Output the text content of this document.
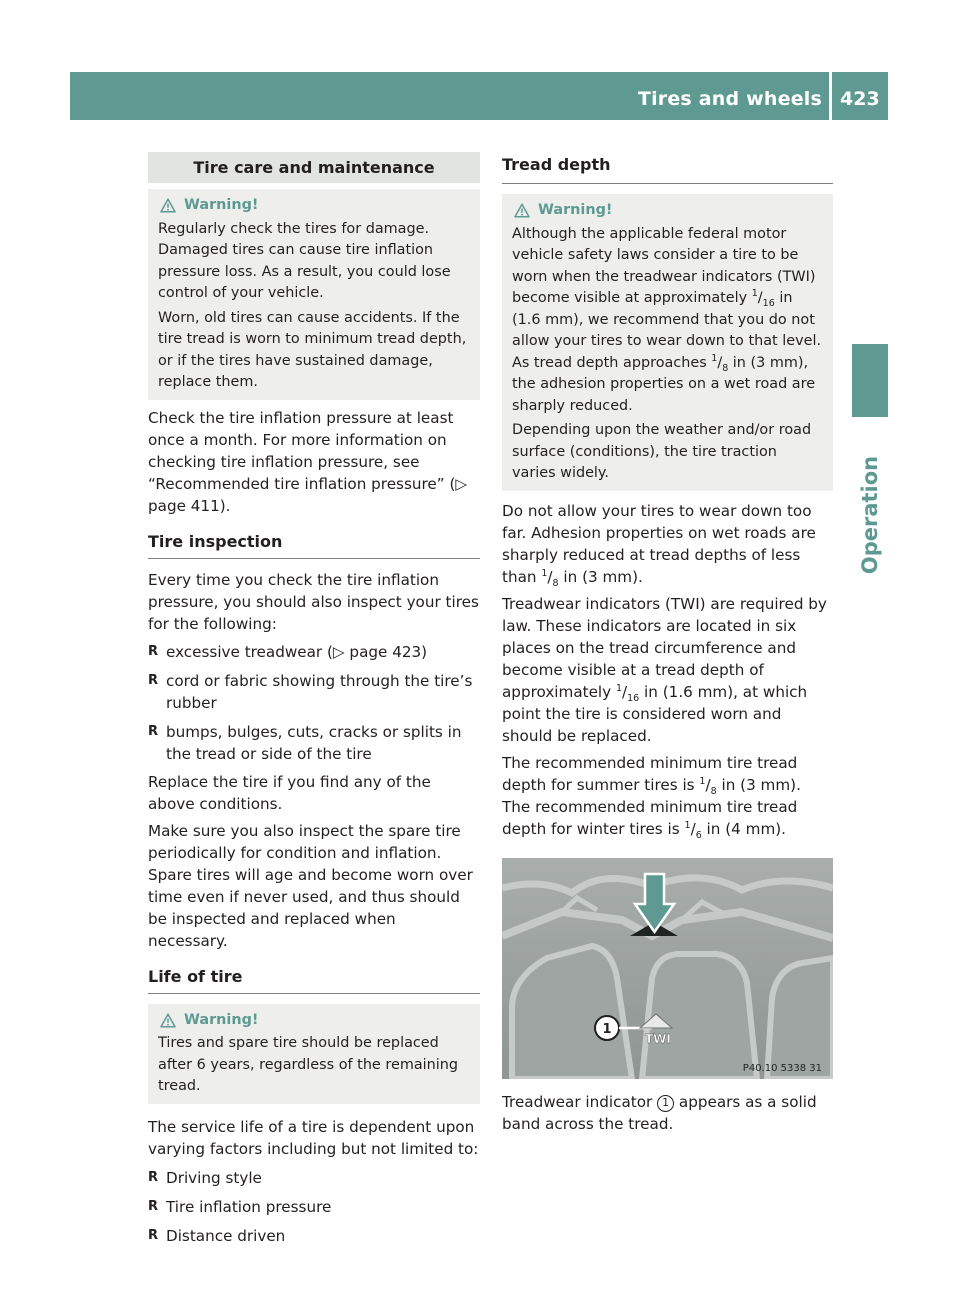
Tires and wheels 423
Operation
Tire care and maintenance
Warning!

Regularly check the tires for damage. Damaged tires can cause tire inflation pressure loss. As a result, you could lose control of your vehicle.

Worn, old tires can cause accidents. If the tire tread is worn to minimum tread depth, or if the tires have sustained damage, replace them.

Check the tire inflation pressure at least once a month. For more information on checking tire inflation pressure, see “Recommended tire inflation pressure” (▷ page 411).

Tire inspection

Every time you check the tire inflation pressure, you should also inspect your tires for the following:

R excessive treadwear (▷ page 423)

R cord or fabric showing through the tire’s rubber

R bumps, bulges, cuts, cracks or splits in the tread or side of the tire

Replace the tire if you find any of the above conditions.

Make sure you also inspect the spare tire periodically for condition and inflation. Spare tires will age and become worn over time even if never used, and thus should be inspected and replaced when necessary.

Life of tire
Warning!

Tires and spare tire should be replaced after 6 years, regardless of the remaining tread.

The service life of a tire is dependent upon varying factors including but not limited to:

R Driving style

R Tire inflation pressure

R Distance driven

Tread depth
Warning!

Although the applicable federal motor vehicle safety laws consider a tire to be worn when the treadwear indicators (TWI) become visible at approximately $^1/_{16}$ in (1.6 mm), we recommend that you do not allow your tires to wear down to that level. As tread depth approaches $^1/_8$ in (3 mm), the adhesion properties on a wet road are sharply reduced.

Depending upon the weather and/or road surface (conditions), the tire traction varies widely.

Do not allow your tires to wear down too far. Adhesion properties on wet roads are sharply reduced at tread depths of less than $^1/_8$ in (3 mm).

Treadwear indicators (TWI) are required by law. These indicators are located in six places on the tread circumference and become visible at a tread depth of approximately $^1/_{16}$ in (1.6 mm), at which point the tire is considered worn and should be replaced.

The recommended minimum tire tread depth for summer tires is $^1/_8$ in (3 mm). The recommended minimum tire tread depth for winter tires is $^1/_6$ in (4 mm).

1
TWI
P40.10 5338 31

Treadwear indicator 1 appears as a solid band across the tread.
